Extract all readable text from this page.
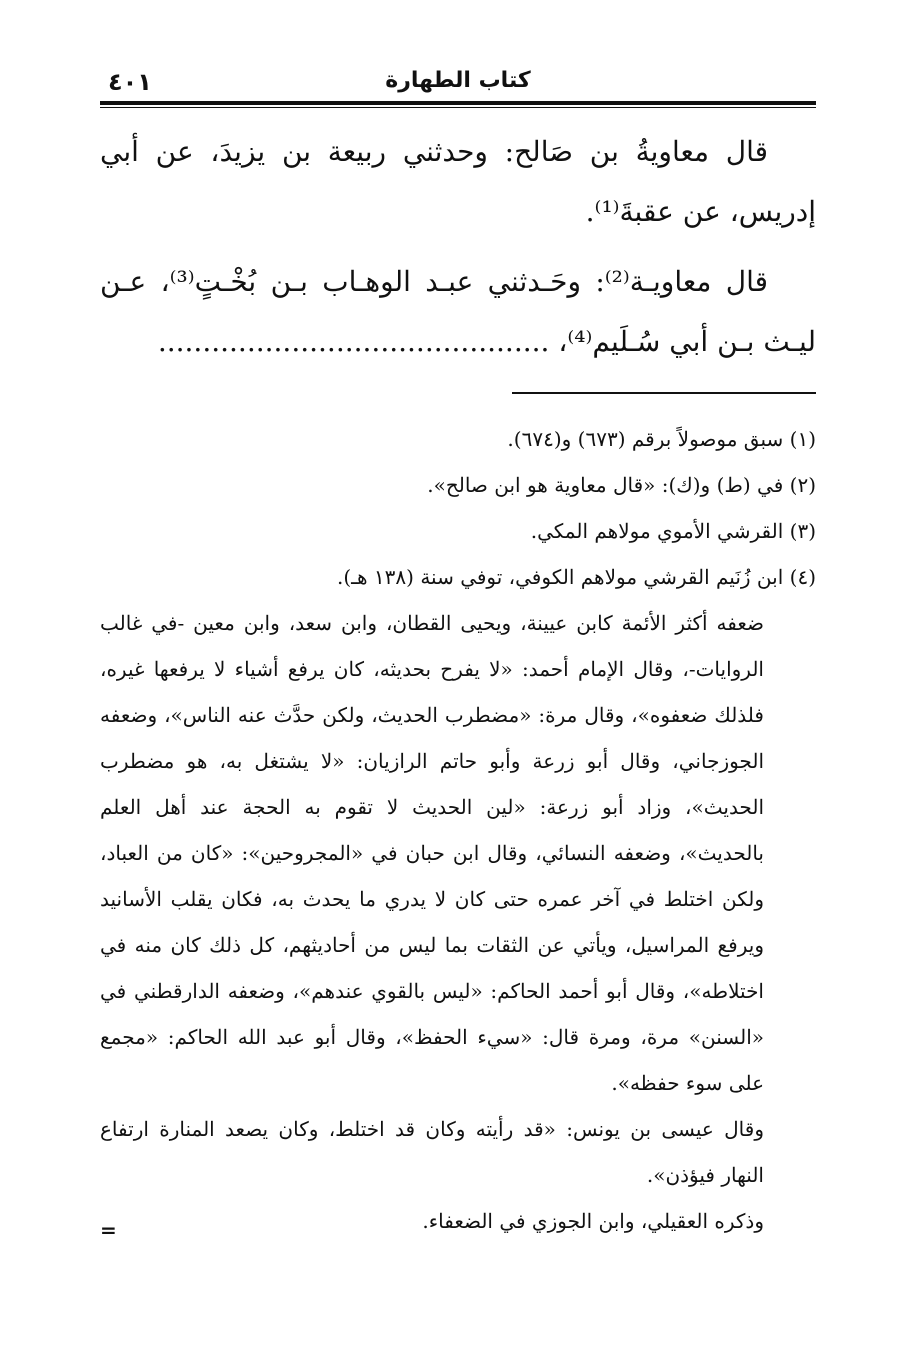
٤٠١	كتاب الطهارة

قال معاويةُ بن صَالح: وحدثني ربيعة بن يزيدَ، عن أبي إدريس، عن عقبةَ⁽¹⁾.

قال معاويـة⁽²⁾: وحَـدثني عبـد الوهـاب بـن بُخْـتٍ⁽³⁾، عـن ليـث بـن أبي سُـلَيم⁽⁴⁾، ............................................

(١) سبق موصولاً برقم (٦٧٣) و(٦٧٤).

(٢) في (ط) و(ك): «قال معاوية هو ابن صالح».

(٣) القرشي الأموي مولاهم المكي.

(٤) ابن زُنَيم القرشي مولاهم الكوفي، توفي سنة (١٣٨ هـ).

ضعفه أكثر الأئمة كابن عيينة، ويحيى القطان، وابن سعد، وابن معين -في غالب الروايات-، وقال الإمام أحمد: «لا يفرح بحديثه، كان يرفع أشياء لا يرفعها غيره، فلذلك ضعفوه»، وقال مرة: «مضطرب الحديث، ولكن حدَّث عنه الناس»، وضعفه الجوزجاني، وقال أبو زرعة وأبو حاتم الرازيان: «لا يشتغل به، هو مضطرب الحديث»، وزاد أبو زرعة: «لين الحديث لا تقوم به الحجة عند أهل العلم بالحديث»، وضعفه النسائي، وقال ابن حبان في «المجروحين»: «كان من العباد، ولكن اختلط في آخر عمره حتى كان لا يدري ما يحدث به، فكان يقلب الأسانيد ويرفع المراسيل، ويأتي عن الثقات بما ليس من أحاديثهم، كل ذلك كان منه في اختلاطه»، وقال أبو أحمد الحاكم: «ليس بالقوي عندهم»، وضعفه الدارقطني في «السنن» مرة، ومرة قال: «سيء الحفظ»، وقال أبو عبد الله الحاكم: «مجمع على سوء حفظه».

وقال عيسى بن يونس: «قد رأيته وكان قد اختلط، وكان يصعد المنارة ارتفاع النهار فيؤذن».

وذكره العقيلي، وابن الجوزي في الضعفاء.

=
